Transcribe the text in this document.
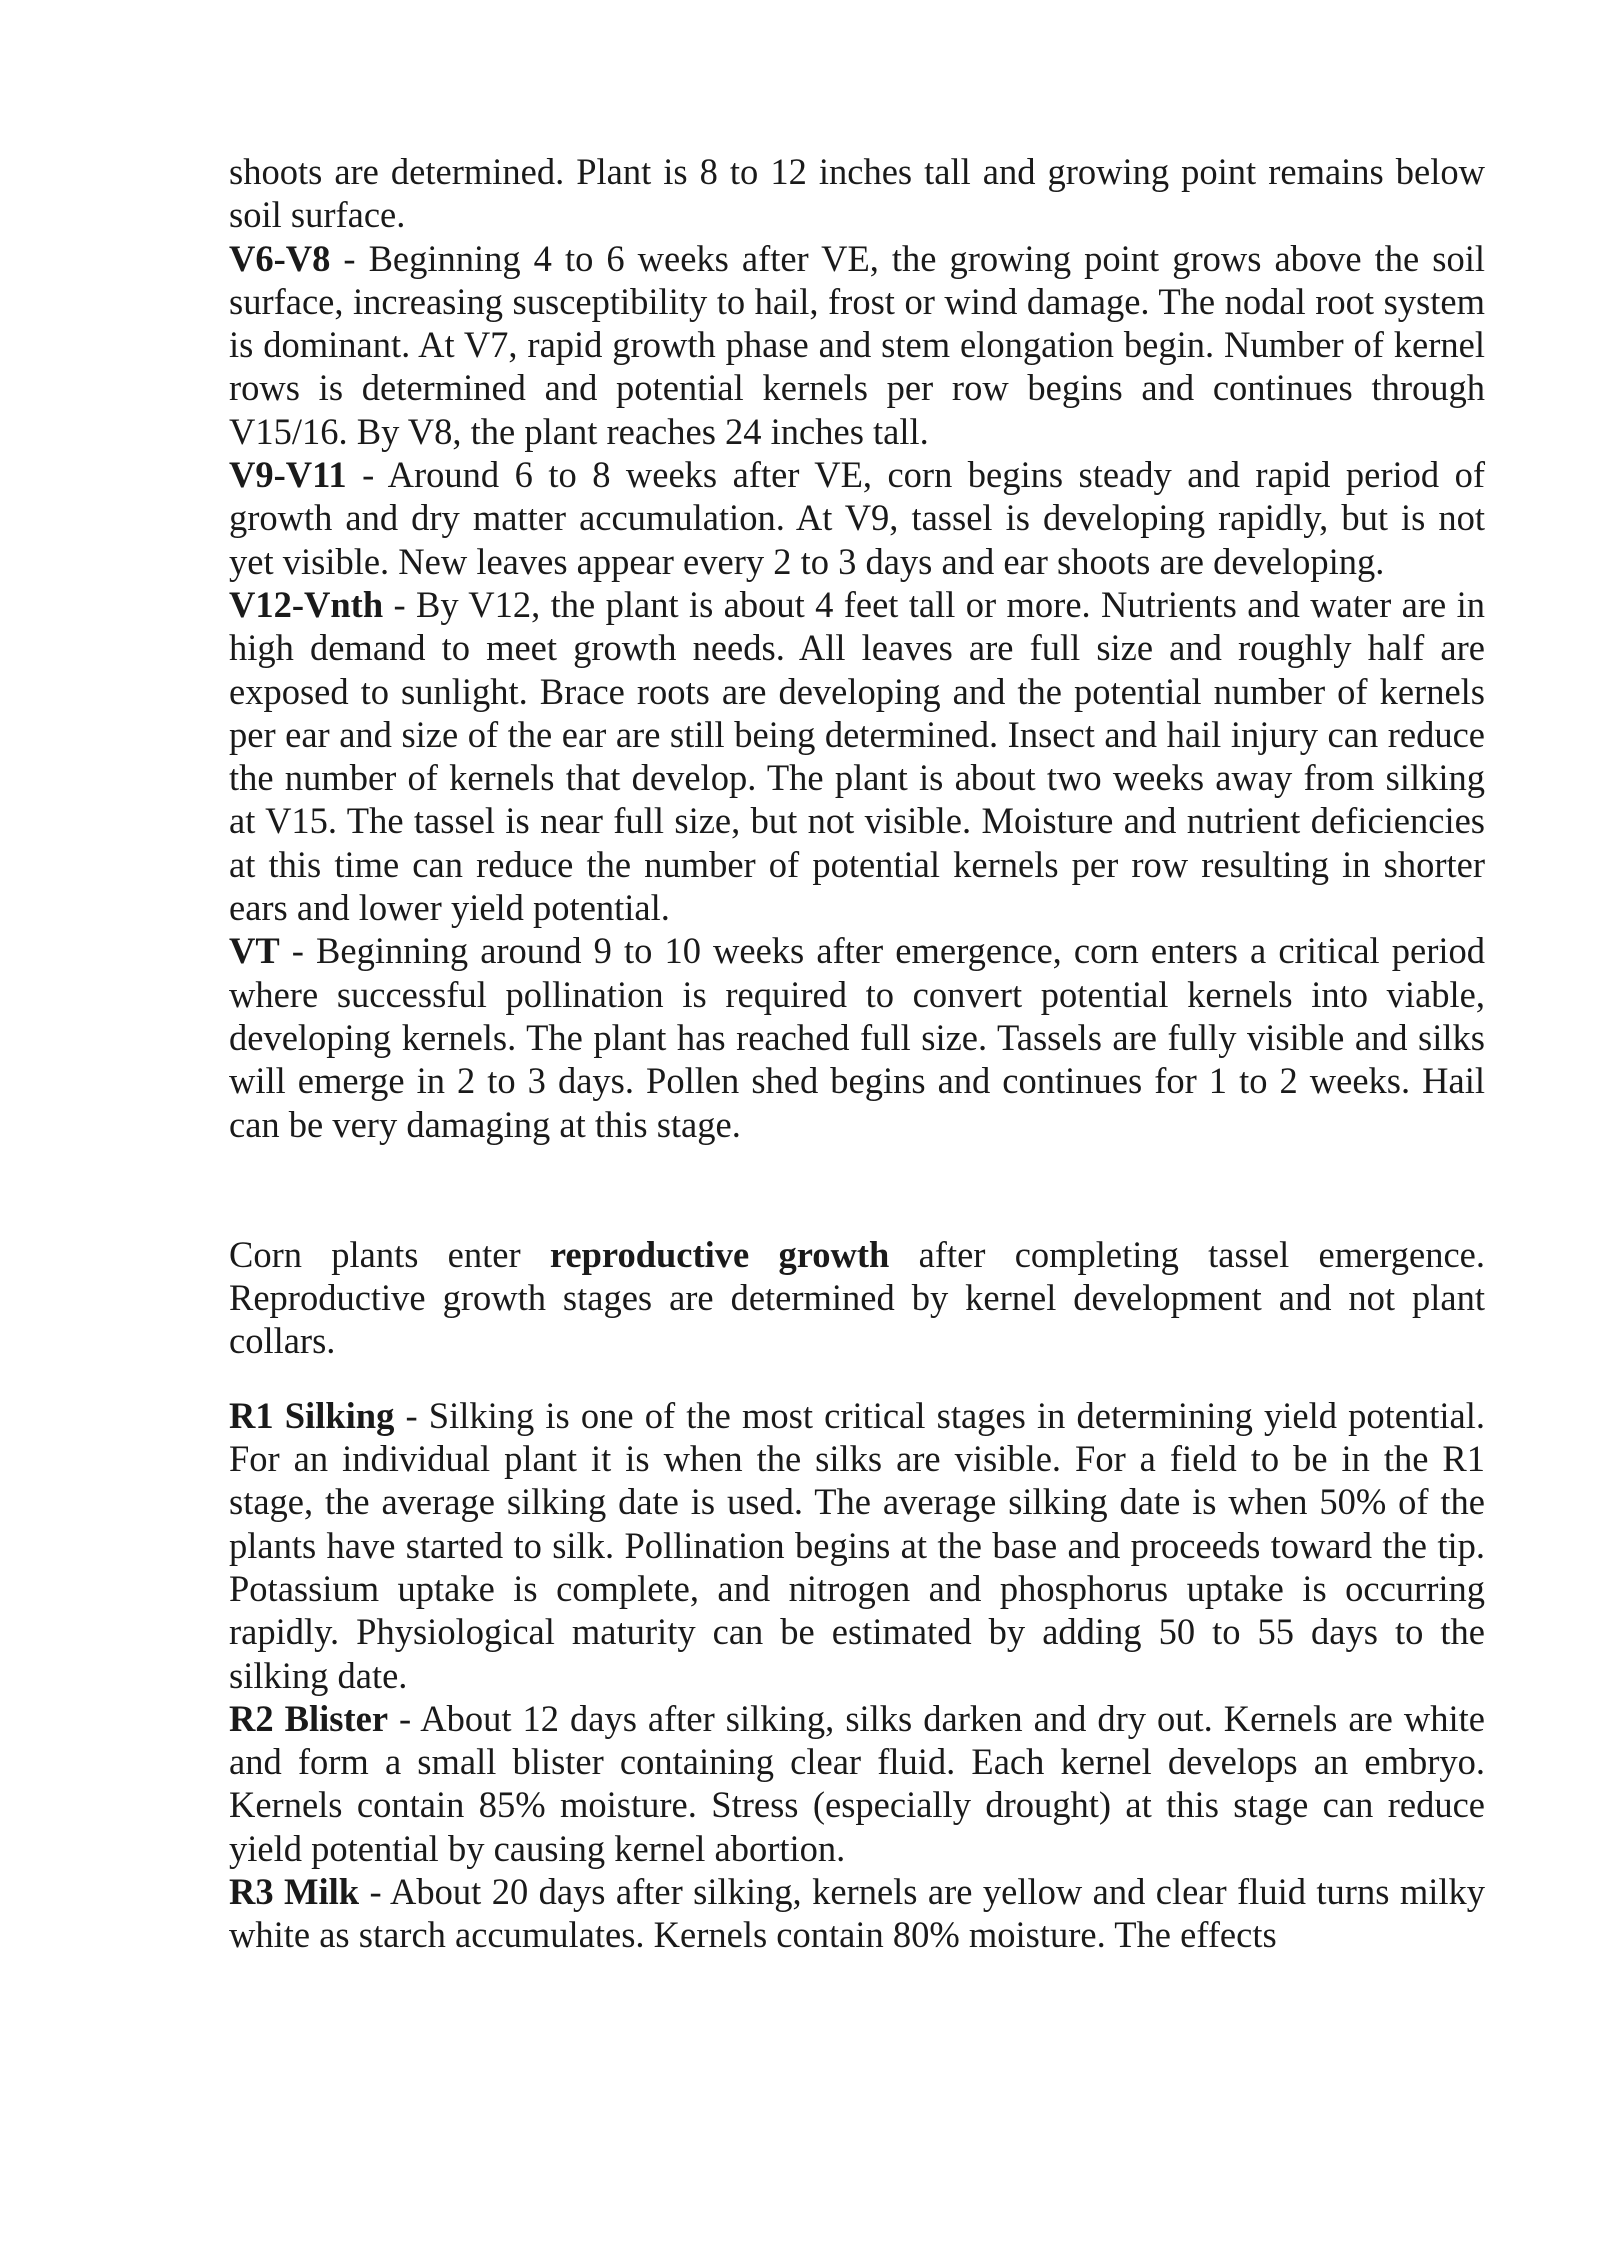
shoots are determined. Plant is 8 to 12 inches tall and growing point remains below soil surface.

V6-V8 - Beginning 4 to 6 weeks after VE, the growing point grows above the soil surface, increasing susceptibility to hail, frost or wind damage. The nodal root system is dominant. At V7, rapid growth phase and stem elongation begin. Number of kernel rows is determined and potential kernels per row begins and continues through V15/16. By V8, the plant reaches 24 inches tall.

V9-V11 - Around 6 to 8 weeks after VE, corn begins steady and rapid period of growth and dry matter accumulation. At V9, tassel is developing rapidly, but is not yet visible. New leaves appear every 2 to 3 days and ear shoots are developing.

V12-Vnth - By V12, the plant is about 4 feet tall or more. Nutrients and water are in high demand to meet growth needs. All leaves are full size and roughly half are exposed to sunlight. Brace roots are developing and the potential number of kernels per ear and size of the ear are still being determined. Insect and hail injury can reduce the number of kernels that develop. The plant is about two weeks away from silking at V15. The tassel is near full size, but not visible. Moisture and nutrient deficiencies at this time can reduce the number of potential kernels per row resulting in shorter ears and lower yield potential.

VT - Beginning around 9 to 10 weeks after emergence, corn enters a critical period where successful pollination is required to convert potential kernels into viable, developing kernels. The plant has reached full size. Tassels are fully visible and silks will emerge in 2 to 3 days. Pollen shed begins and continues for 1 to 2 weeks. Hail can be very damaging at this stage.

Corn plants enter reproductive growth after completing tassel emergence. Reproductive growth stages are determined by kernel development and not plant collars.

R1 Silking - Silking is one of the most critical stages in determining yield potential. For an individual plant it is when the silks are visible. For a field to be in the R1 stage, the average silking date is used. The average silking date is when 50% of the plants have started to silk. Pollination begins at the base and proceeds toward the tip. Potassium uptake is complete, and nitrogen and phosphorus uptake is occurring rapidly. Physiological maturity can be estimated by adding 50 to 55 days to the silking date.

R2 Blister - About 12 days after silking, silks darken and dry out. Kernels are white and form a small blister containing clear fluid. Each kernel develops an embryo. Kernels contain 85% moisture. Stress (especially drought) at this stage can reduce yield potential by causing kernel abortion.

R3 Milk - About 20 days after silking, kernels are yellow and clear fluid turns milky white as starch accumulates. Kernels contain 80% moisture. The effects
